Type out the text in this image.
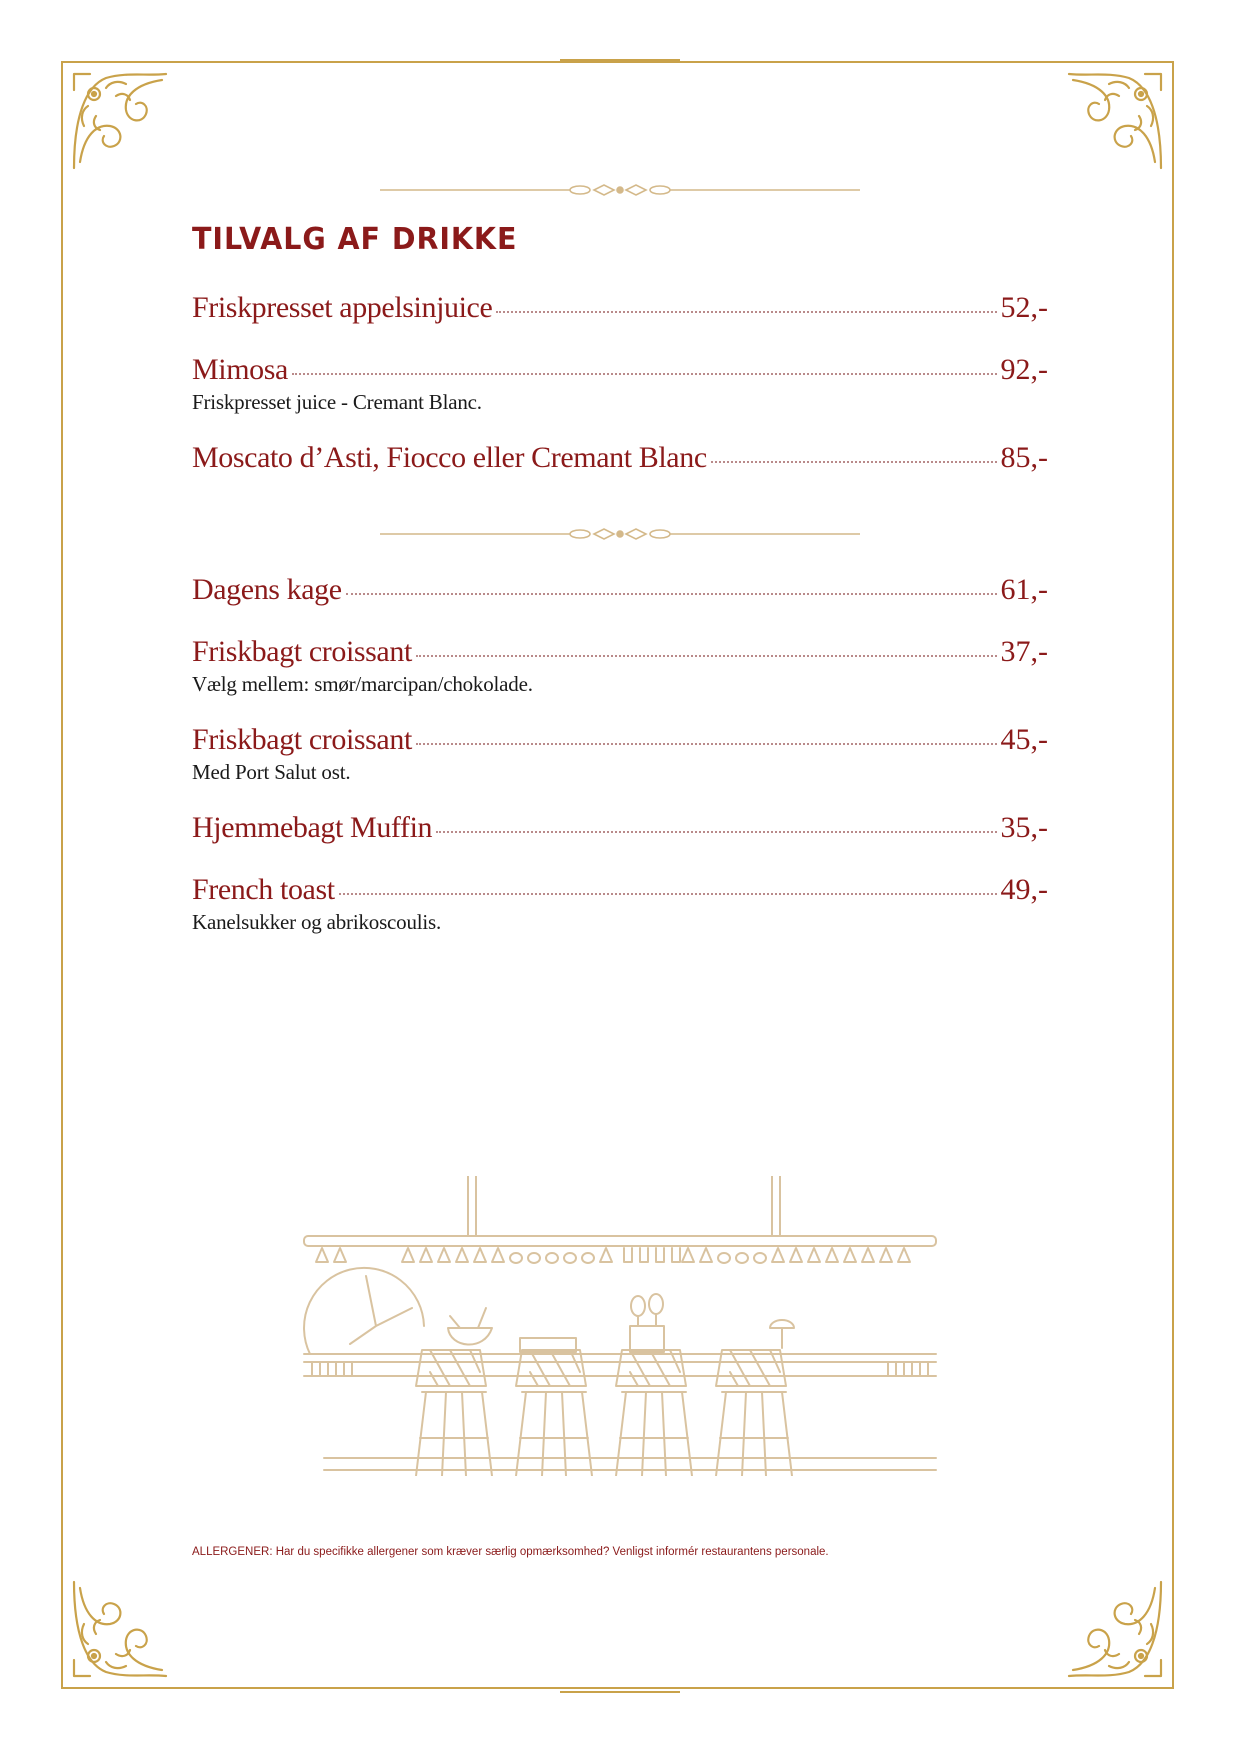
TILVALG AF DRIKKE
Friskpresset appelsinjuice	52,-
Mimosa	92,-
Friskpresset juice - Cremant Blanc.
Moscato d’Asti, Fiocco eller Cremant Blanc	85,-
Dagens kage	61,-
Friskbagt croissant	37,-
Vælg mellem: smør/marcipan/chokolade.
Friskbagt croissant	45,-
Med Port Salut ost.
Hjemmebagt Muffin	35,-
French toast	49,-
Kanelsukker og abrikoscoulis.

ALLERGENER: Har du specifikke allergener som kræver særlig opmærksomhed? Venligst informér restaurantens personale.
